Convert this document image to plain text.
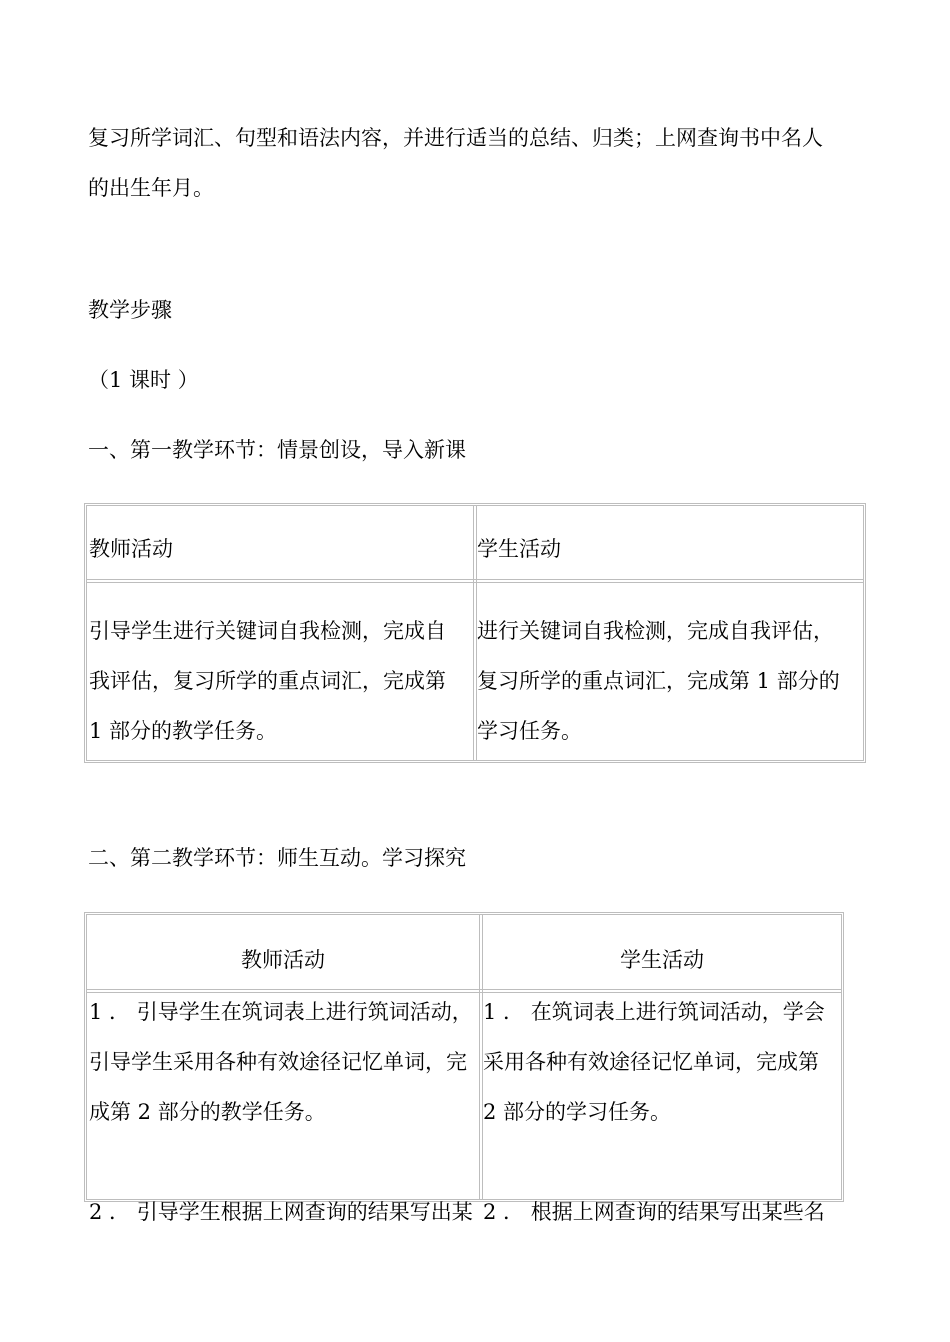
复习所学词汇、句型和语法内容，并进行适当的总结、归类；上网查询书中名人
的出生年月。
教学步骤
（1 课时 ）
一、第一教学环节：情景创设，导入新课
教师活动	学生活动
引导学生进行关键词自我检测，完成自
我评估，复习所学的重点词汇，完成第
1 部分的教学任务。
进行关键词自我检测，完成自我评估，
复习所学的重点词汇，完成第 1 部分的
学习任务。
二、第二教学环节：师生互动。学习探究
教师活动	学生活动
1 ． 引导学生在筑词表上进行筑词活动，
引导学生采用各种有效途径记忆单词，完
成第 2 部分的教学任务。
2 ． 引导学生根据上网查询的结果写出某
1 ． 在筑词表上进行筑词活动，学会
采用各种有效途径记忆单词，完成第
2 部分的学习任务。
2 ． 根据上网查询的结果写出某些名
